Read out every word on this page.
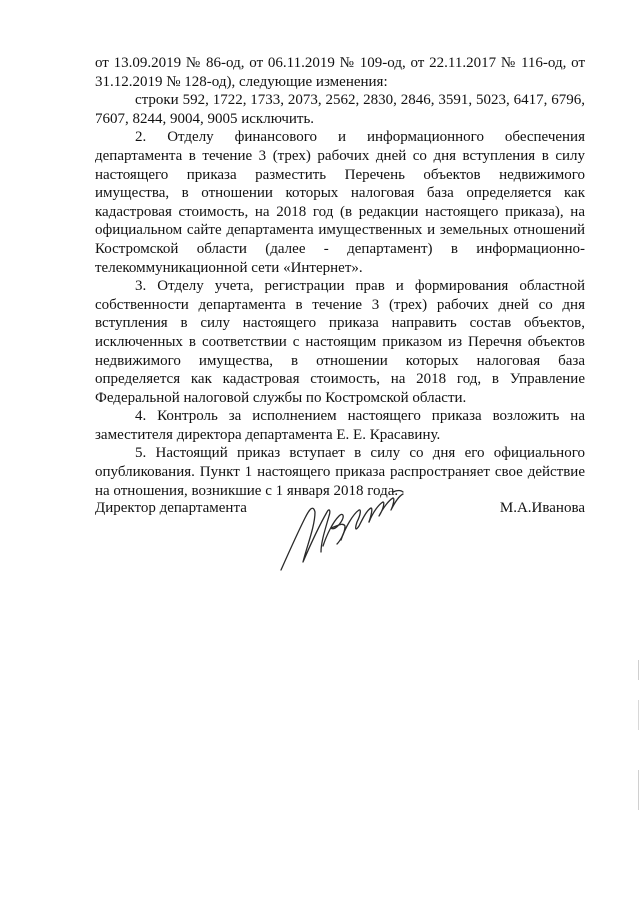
от 13.09.2019 № 86-од, от 06.11.2019 № 109-од, от 22.11.2017 № 116-од, от 31.12.2019 № 128-од), следующие изменения:

строки 592, 1722, 1733, 2073, 2562, 2830, 2846, 3591, 5023, 6417, 6796, 7607, 8244, 9004, 9005 исключить.

2. Отделу финансового и информационного обеспечения департамента в течение 3 (трех) рабочих дней со дня вступления в силу настоящего приказа разместить Перечень объектов недвижимого имущества, в отношении которых налоговая база определяется как кадастровая стоимость, на 2018 год (в редакции настоящего приказа), на официальном сайте департамента имущественных и земельных отношений Костромской области (далее - департамент) в информационно-телекоммуникационной сети «Интернет».

3. Отделу учета, регистрации прав и формирования областной собственности департамента в течение 3 (трех) рабочих дней со дня вступления в силу настоящего приказа направить состав объектов, исключенных в соответствии с настоящим приказом из Перечня объектов недвижимого имущества, в отношении которых налоговая база определяется как кадастровая стоимость, на 2018 год, в Управление Федеральной налоговой службы по Костромской области.

4. Контроль за исполнением настоящего приказа возложить на заместителя директора департамента Е. Е. Красавину.

5. Настоящий приказ вступает в силу со дня его официального опубликования. Пункт 1 настоящего приказа распространяет свое действие на отношения, возникшие с 1 января 2018 года.

Директор департамента	М.А.Иванова
